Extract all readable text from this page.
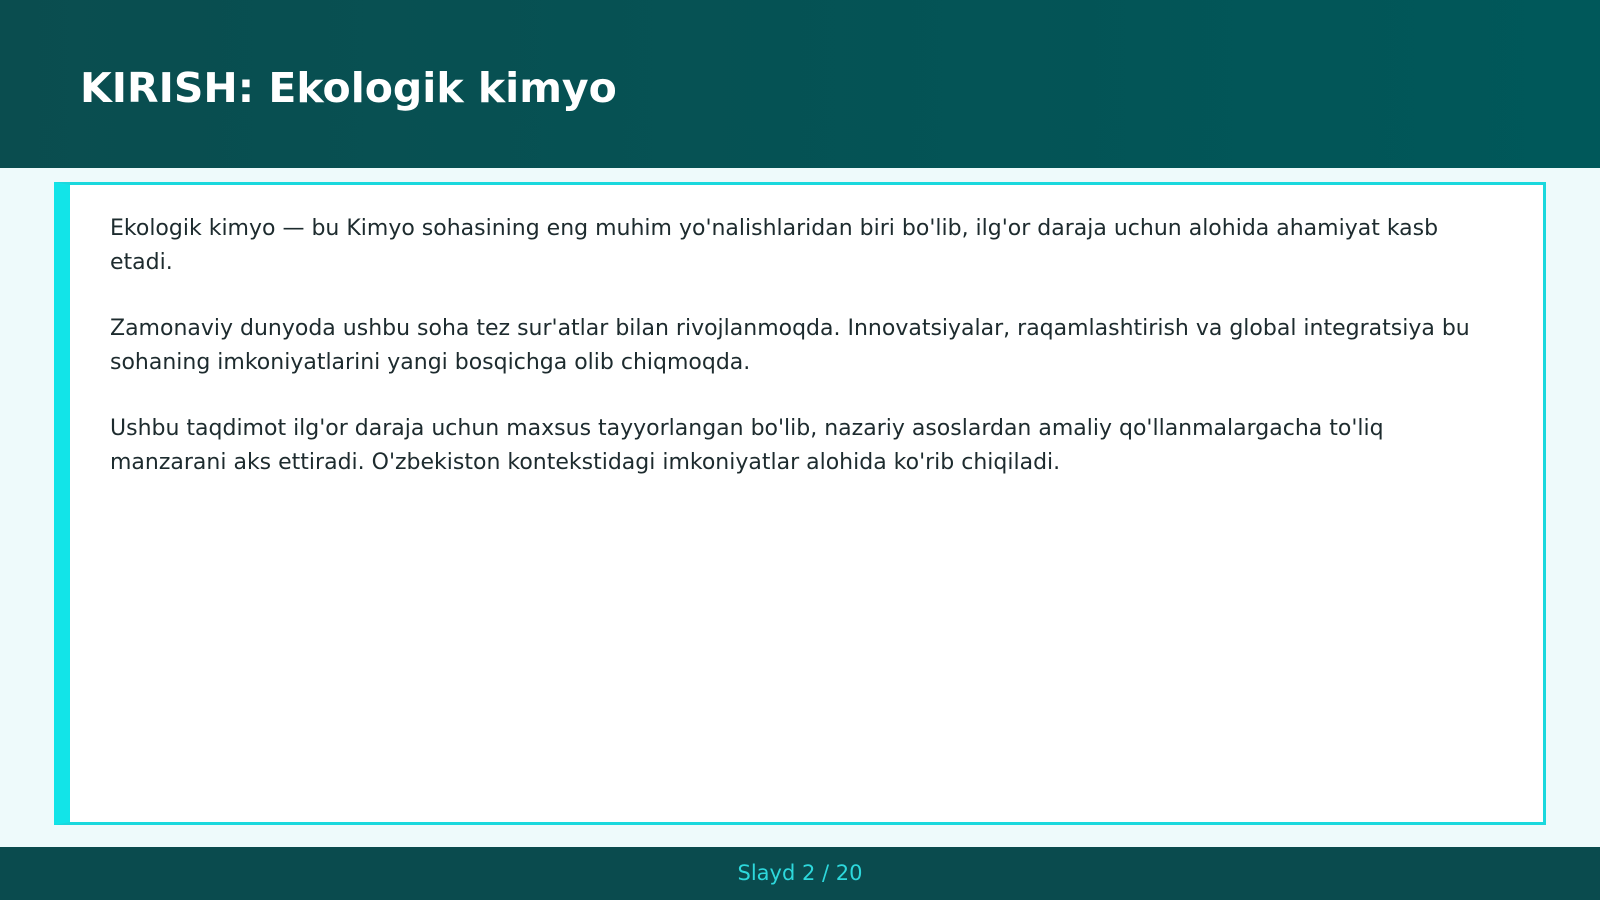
KIRISH: Ekologik kimyo

Ekologik kimyo — bu Kimyo sohasining eng muhim yo'nalishlaridan biri bo'lib, ilg'or daraja uchun alohida ahamiyat kasb etadi.

Zamonaviy dunyoda ushbu soha tez sur'atlar bilan rivojlanmoqda. Innovatsiyalar, raqamlashtirish va global integratsiya bu sohaning imkoniyatlarini yangi bosqichga olib chiqmoqda.

Ushbu taqdimot ilg'or daraja uchun maxsus tayyorlangan bo'lib, nazariy asoslardan amaliy qo'llanmalargacha to'liq manzarani aks ettiradi. O'zbekiston kontekstidagi imkoniyatlar alohida ko'rib chiqiladi.

Slayd 2 / 20
